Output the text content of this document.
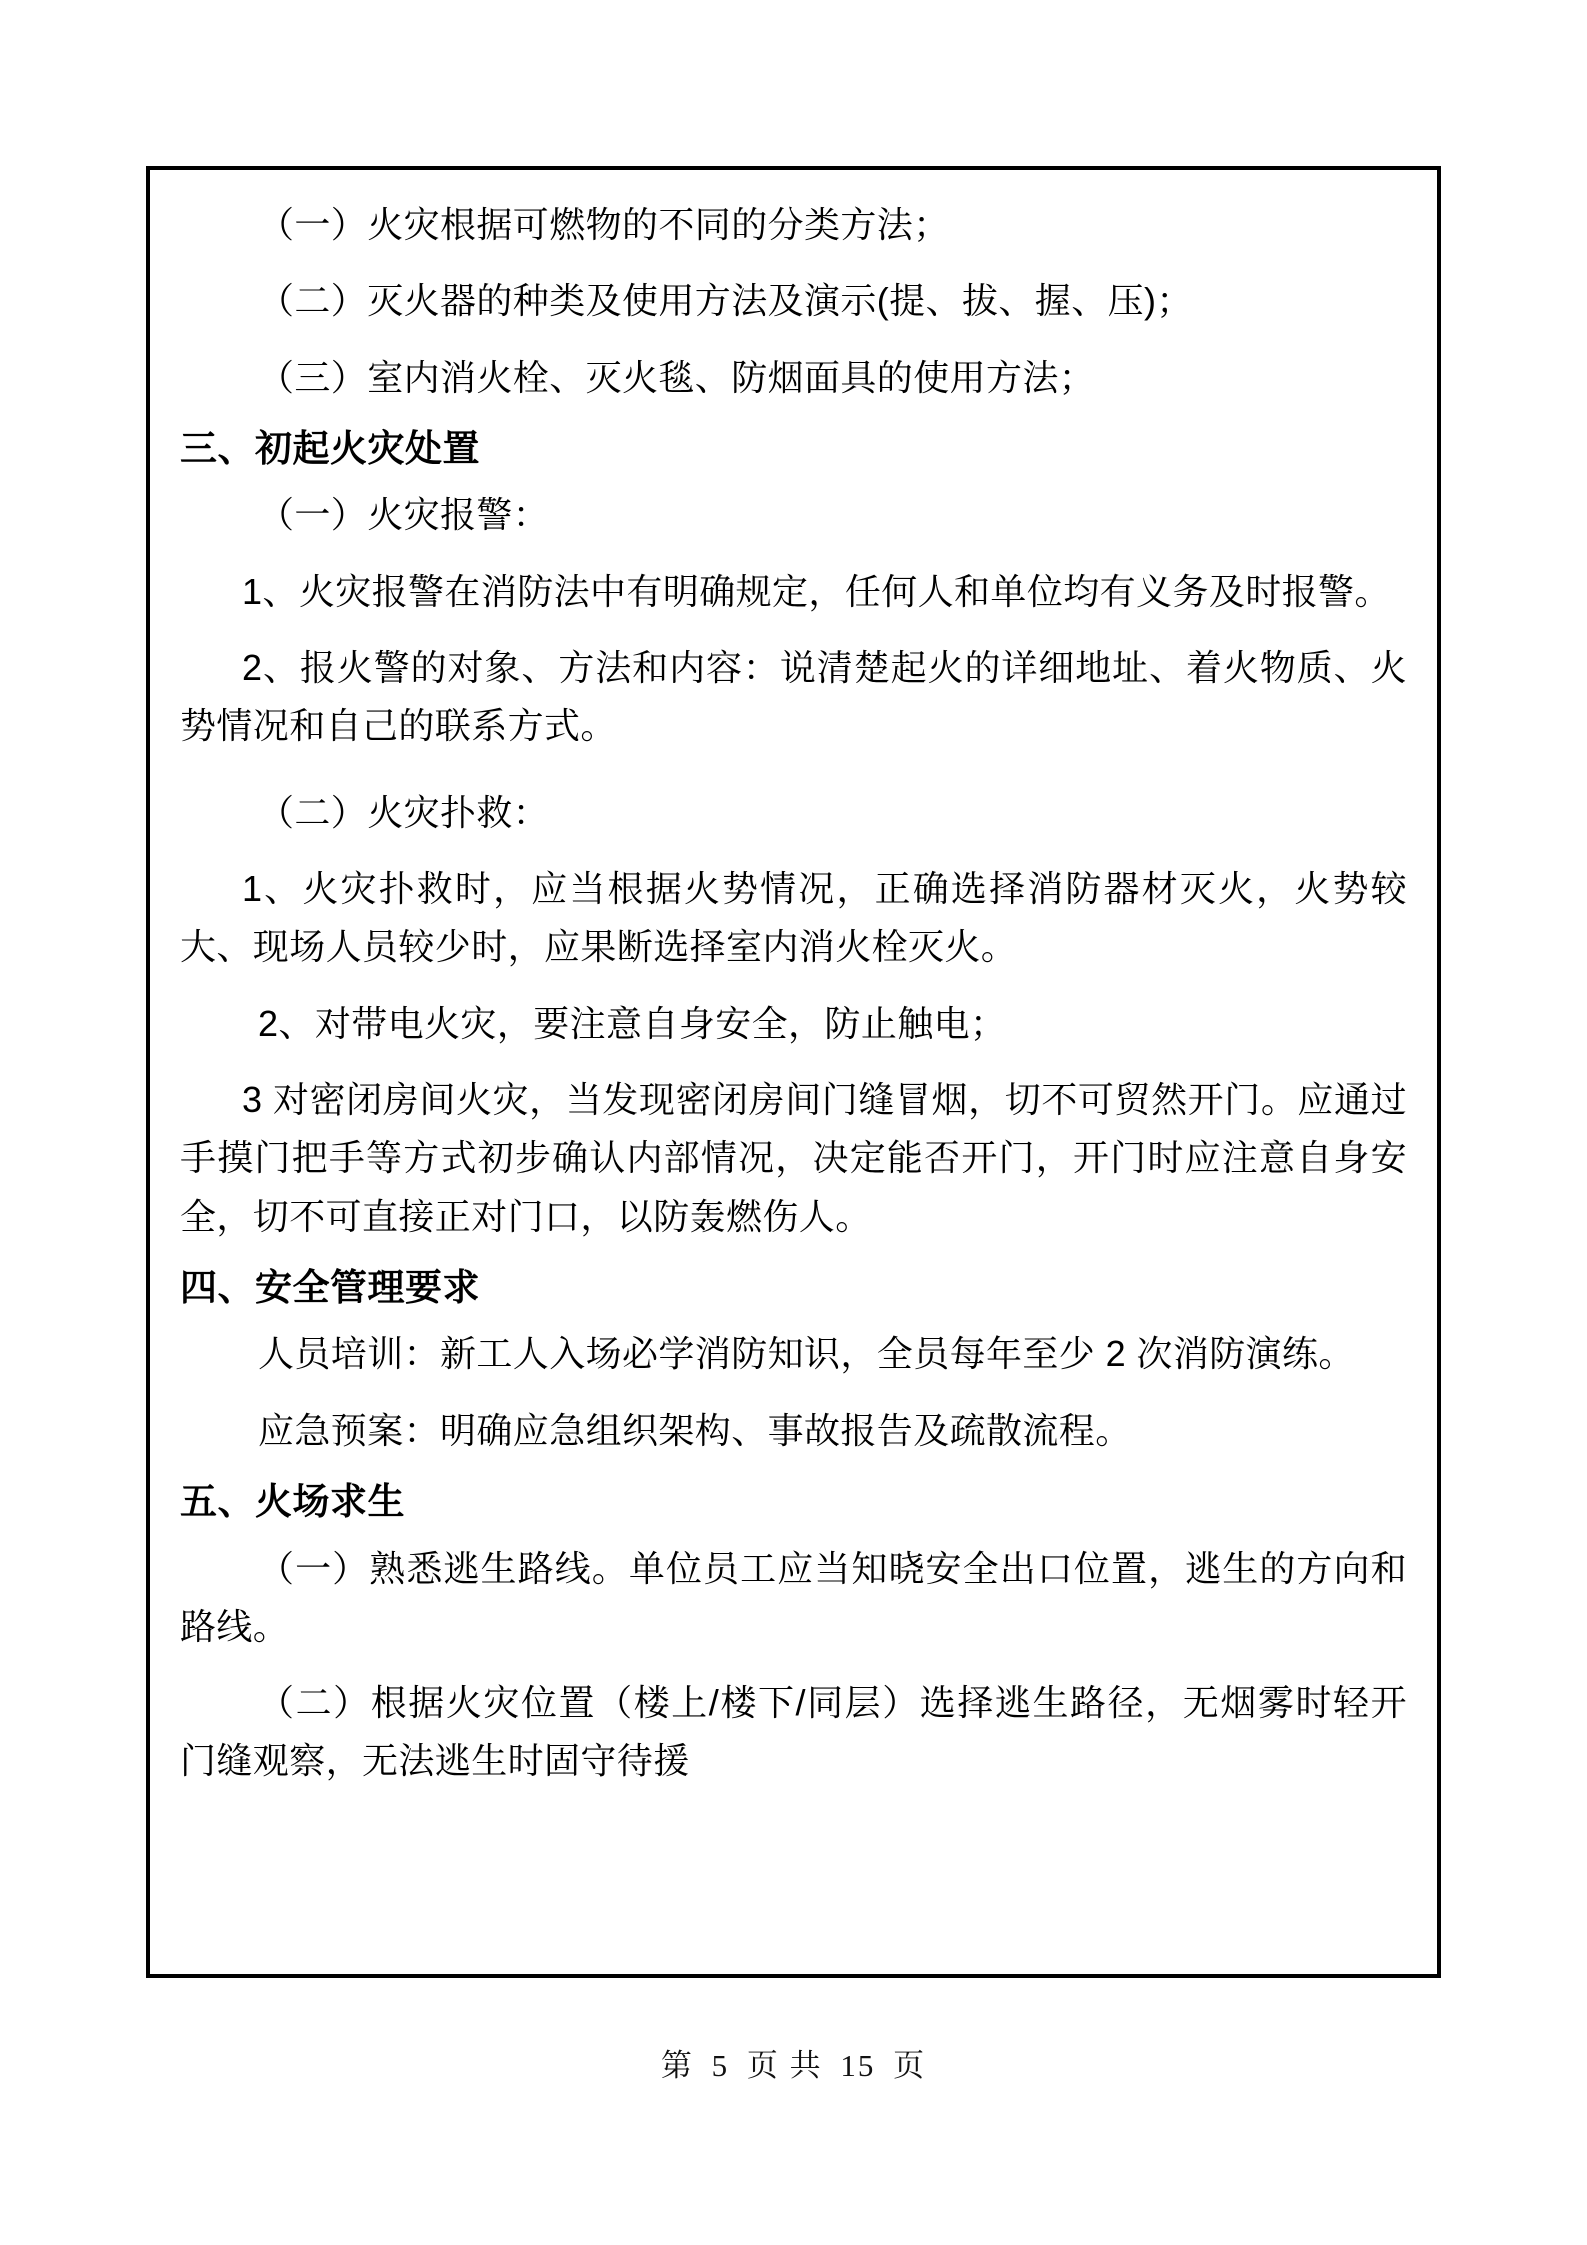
（一）火灾根据可燃物的不同的分类方法；

（二）灭火器的种类及使用方法及演示(提、拔、握、压)；

（三）室内消火栓、灭火毯、防烟面具的使用方法；

三、初起火灾处置

（一）火灾报警：

1、火灾报警在消防法中有明确规定，任何人和单位均有义务及时报警。

2、报火警的对象、方法和内容：说清楚起火的详细地址、着火物质、火势情况和自己的联系方式。

（二）火灾扑救：

1、火灾扑救时，应当根据火势情况，正确选择消防器材灭火，火势较大、现场人员较少时，应果断选择室内消火栓灭火。

2、对带电火灾，要注意自身安全，防止触电；

3 对密闭房间火灾，当发现密闭房间门缝冒烟，切不可贸然开门。应通过手摸门把手等方式初步确认内部情况，决定能否开门，开门时应注意自身安全，切不可直接正对门口，以防轰燃伤人。

四、安全管理要求

人员培训：新工人入场必学消防知识，全员每年至少 2 次消防演练。

应急预案：明确应急组织架构、事故报告及疏散流程。

五、火场求生

（一）熟悉逃生路线。单位员工应当知晓安全出口位置，逃生的方向和路线。

（二）根据火灾位置（楼上/楼下/同层）选择逃生路径，无烟雾时轻开门缝观察，无法逃生时固守待援

第 5 页 共 15 页
